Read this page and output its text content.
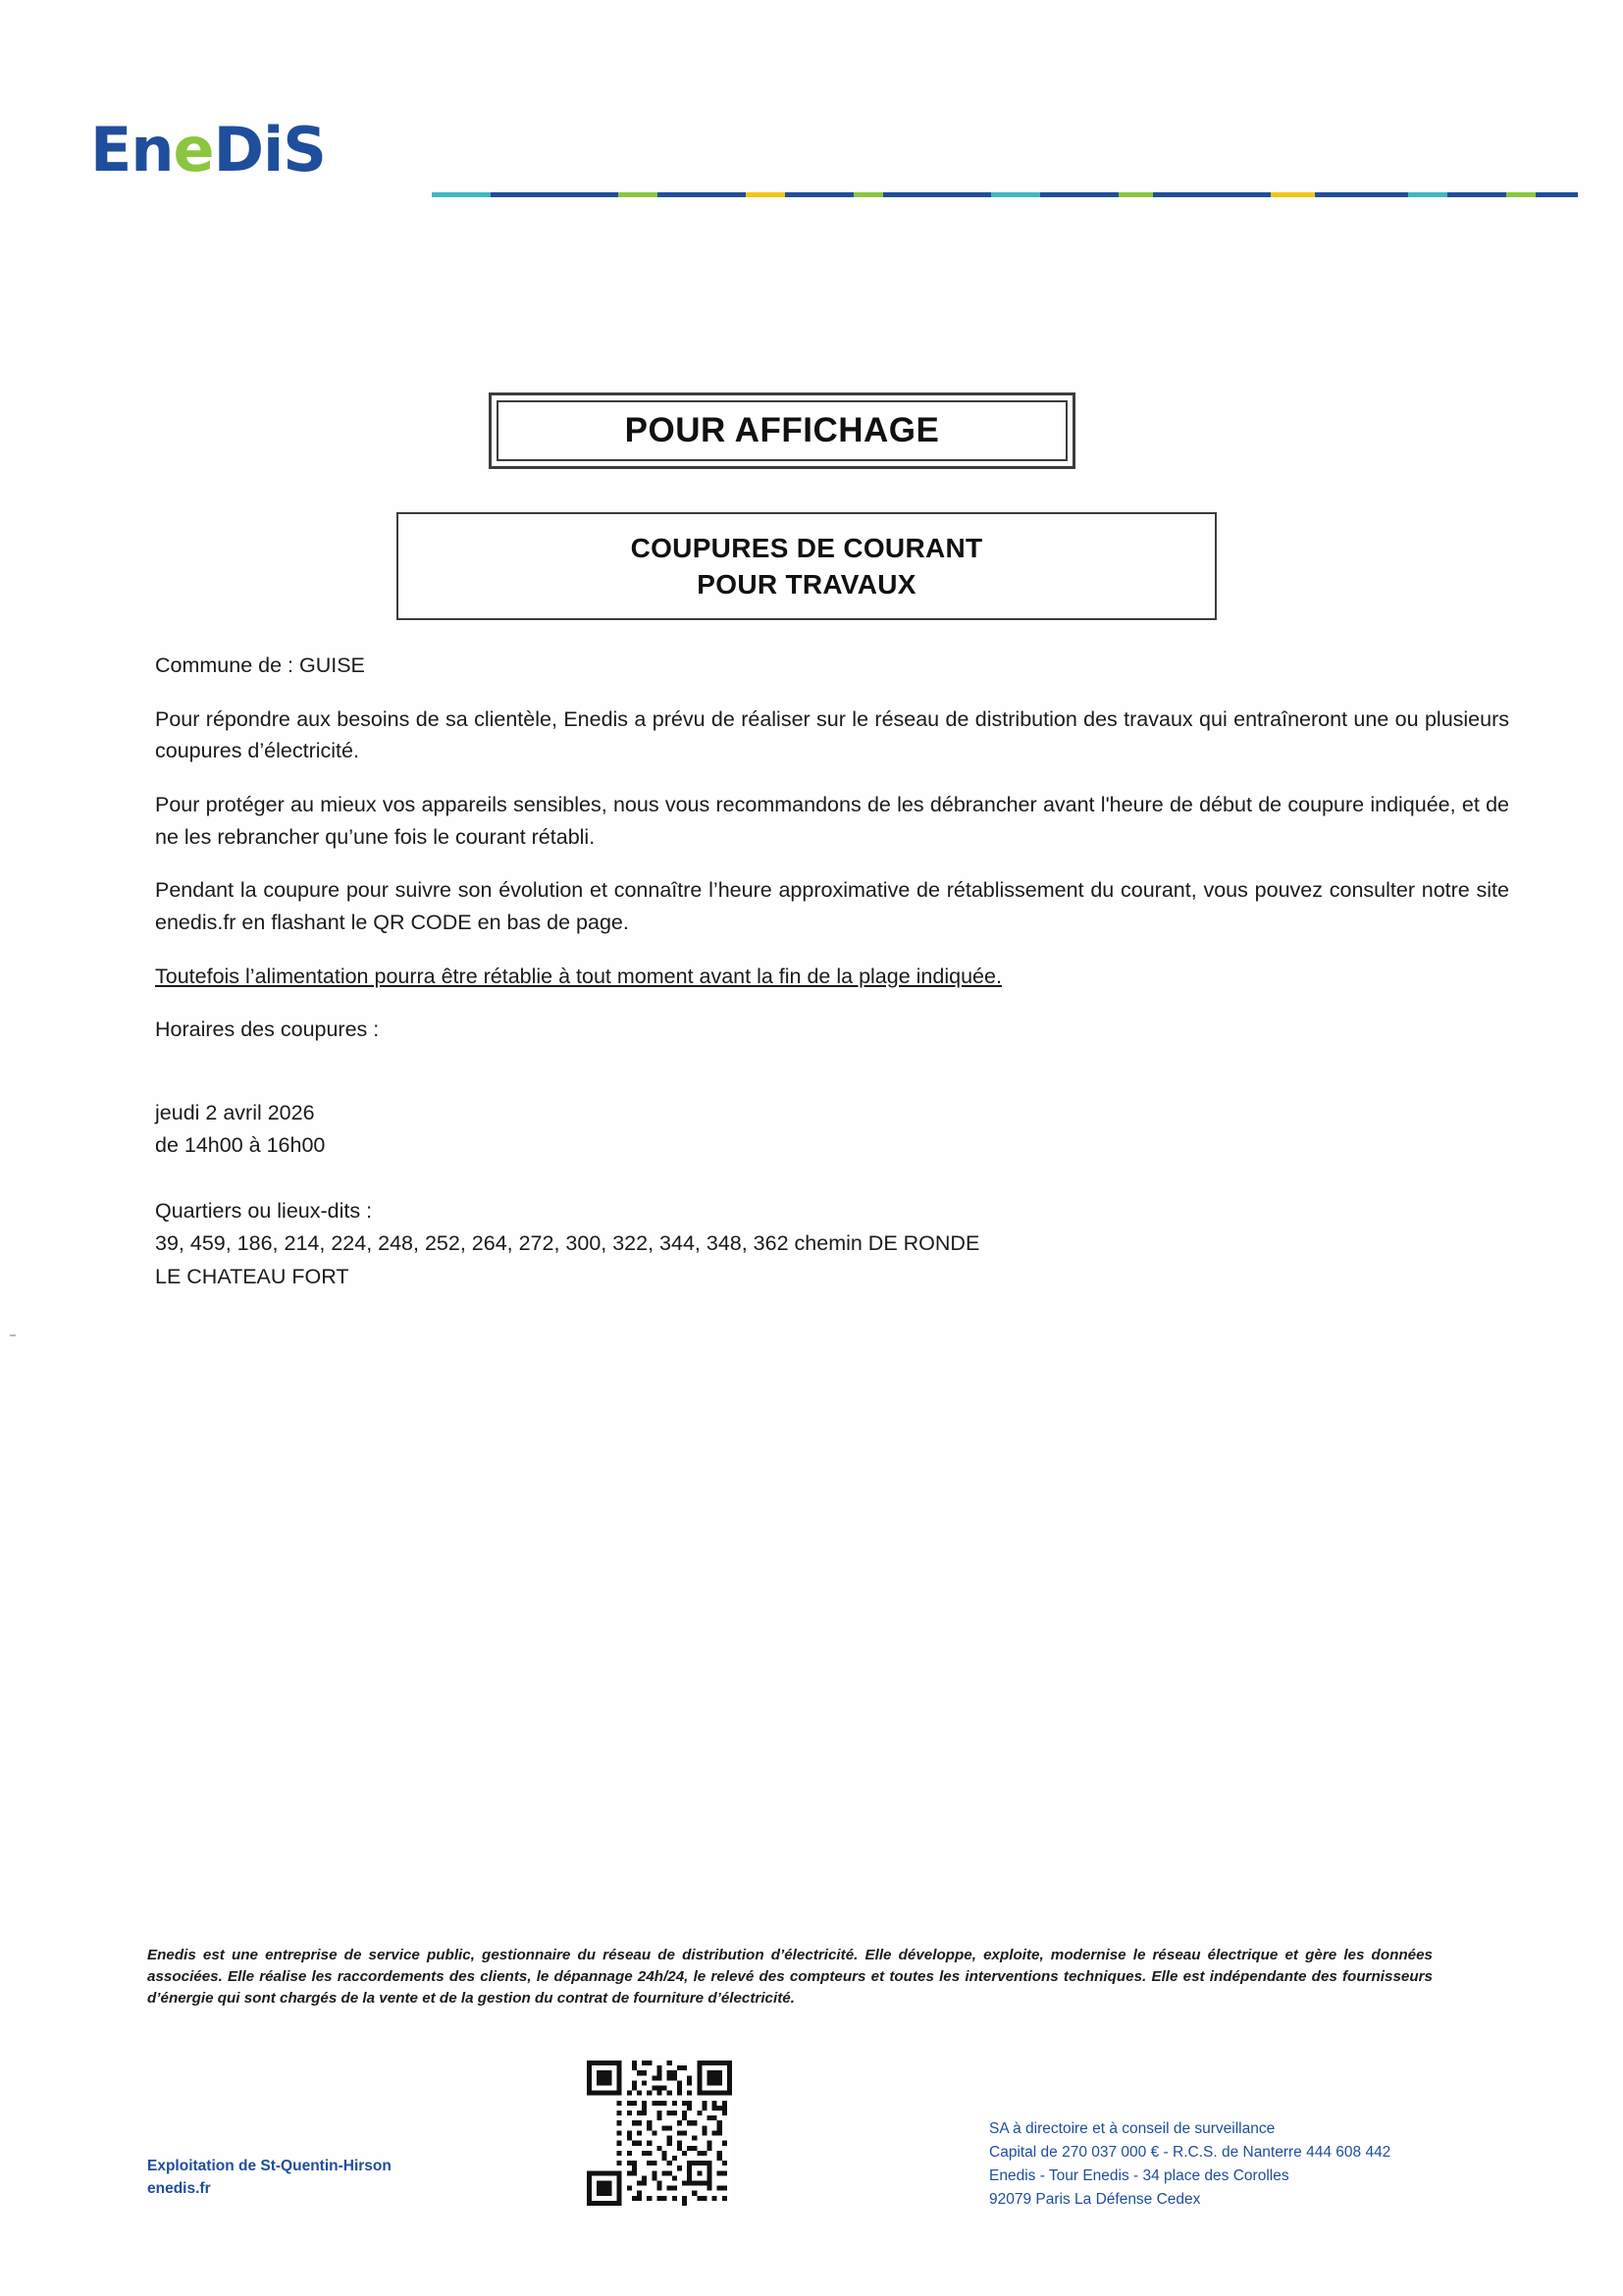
EneDiS
POUR AFFICHAGE
COUPURES DE COURANT
POUR TRAVAUX

Commune de : GUISE

Pour répondre aux besoins de sa clientèle, Enedis a prévu de réaliser sur le réseau de distribution des travaux qui entraîneront une ou plusieurs coupures d’électricité.

Pour protéger au mieux vos appareils sensibles, nous vous recommandons de les débrancher avant l'heure de début de coupure indiquée, et de ne les rebrancher qu’une fois le courant rétabli.

Pendant la coupure pour suivre son évolution et connaître l’heure approximative de rétablissement du courant, vous pouvez consulter notre site enedis.fr en flashant le QR CODE en bas de page.

Toutefois l’alimentation pourra être rétablie à tout moment avant la fin de la plage indiquée.

Horaires des coupures :

jeudi 2 avril 2026
de 14h00 à 16h00
Quartiers ou lieux-dits :
39, 459, 186, 214, 224, 248, 252, 264, 272, 300, 322, 344, 348, 362 chemin DE RONDE
LE CHATEAU FORT
Enedis est une entreprise de service public, gestionnaire du réseau de distribution d’électricité. Elle développe, exploite, modernise le réseau électrique et gère les données associées. Elle réalise les raccordements des clients, le dépannage 24h/24, le relevé des compteurs et toutes les interventions techniques. Elle est indépendante des fournisseurs d’énergie qui sont chargés de la vente et de la gestion du contrat de fourniture d’électricité.
Exploitation de St-Quentin-Hirson
enedis.fr
SA à directoire et à conseil de surveillance
Capital de 270 037 000 € - R.C.S. de Nanterre 444 608 442
Enedis - Tour Enedis - 34 place des Corolles
92079 Paris La Défense Cedex
